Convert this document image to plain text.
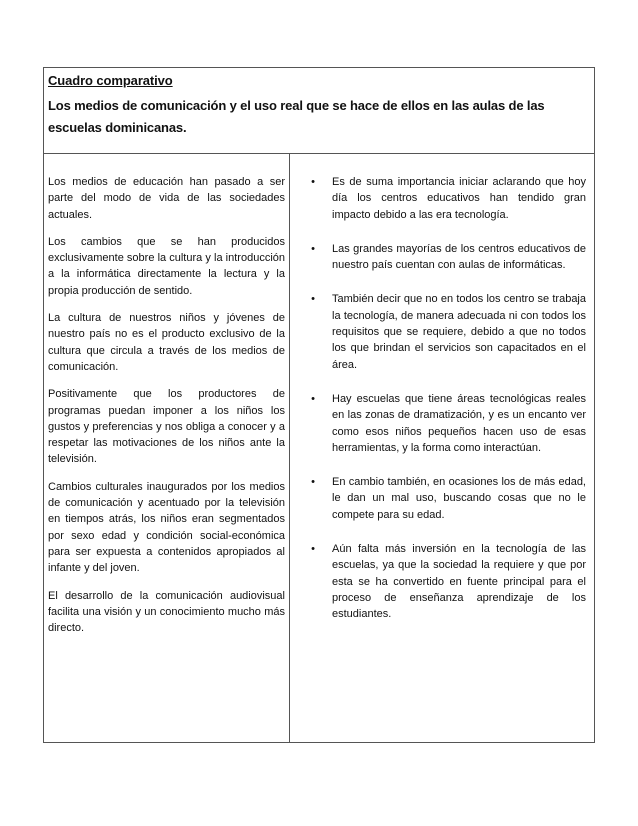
Cuadro comparativo

Los medios de comunicación y el uso real que se hace de ellos en las aulas de las escuelas dominicanas.

Los medios de educación han pasado a ser parte del modo de vida de las sociedades actuales.

Los cambios que se han producidos exclusivamente sobre la cultura y la introducción a la informática directamente la lectura y la propia producción de sentido.

La cultura de nuestros niños y jóvenes de nuestro país no es el producto exclusivo de la cultura que circula a través de los medios de comunicación.

Positivamente que los productores de programas puedan imponer a los niños los gustos y preferencias y nos obliga a conocer y a respetar las motivaciones de los niños ante la televisión.

Cambios culturales inaugurados por los medios de comunicación y acentuado por la televisión en tiempos atrás, los niños eran segmentados por sexo edad y condición social-económica para ser expuesta a contenidos apropiados al infante y del joven.

El desarrollo de la comunicación audiovisual facilita una visión y un conocimiento mucho más directo.

•	Es de suma importancia iniciar aclarando que hoy día los centros educativos han tendido gran impacto debido a las era tecnología.
•	Las grandes mayorías de los centros educativos de nuestro país cuentan con aulas de informáticas.
•	También decir que no en todos los centro se trabaja la tecnología, de manera adecuada ni con todos los requisitos que se requiere, debido a que no todos los que brindan el servicios son capacitados en el área.
•	Hay escuelas que tiene áreas tecnológicas reales en las zonas de dramatización, y es un encanto ver como esos niños pequeños hacen uso de esas herramientas, y la forma como interactúan.
•	En cambio también, en ocasiones los de más edad, le dan un mal uso, buscando cosas que no le compete para su edad.
•	Aún falta más inversión en la tecnología de las escuelas, ya que la sociedad la requiere y que por esta se ha convertido en fuente principal para el proceso de enseñanza aprendizaje de los estudiantes.
